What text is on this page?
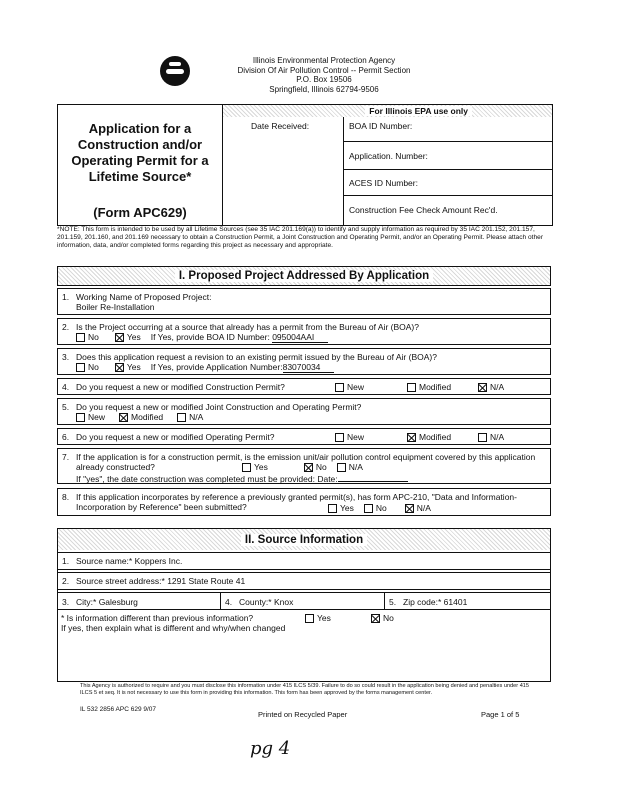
Illinois Environmental Protection Agency
Division Of Air Pollution Control -- Permit Section
P.O. Box 19506
Springfield, Illinois 62794-9506
Application for a
Construction and/or
Operating Permit for a
Lifetime Source*
(Form APC629)
For Illinois EPA use only
Date Received:	BOA ID Number:
Application. Number:
ACES ID Number:
Construction Fee Check Amount Rec'd.
*NOTE: This form is intended to be used by all Lifetime Sources (see 35 IAC 201.169(a)) to identify and supply information as required by 35 IAC 201.152, 201.157, 201.159, 201.160, and 201.169 necessary to obtain a Construction Permit, a Joint Construction and Operating Permit, and/or an Operating Permit. Please attach other information, data, and/or completed forms regarding this project as necessary and appropriate.
I. Proposed Project Addressed By Application
1. Working Name of Proposed Project:
Boiler Re-Installation
2. Is the Project occurring at a source that already has a permit from the Bureau of Air (BOA)?
No	Yes If Yes, provide BOA ID Number: 095004AAI
3. Does this application request a revision to an existing permit issued by the Bureau of Air (BOA)?
No	Yes If Yes, provide Application Number:83070034
4. Do you request a new or modified Construction Permit?	New	Modified	N/A
5. Do you request a new or modified Joint Construction and Operating Permit?
New	Modified	N/A
6. Do you request a new or modified Operating Permit?	New	Modified	N/A
7. If the application is for a construction permit, is the emission unit/air pollution control equipment covered by this application already constructed?	Yes	No	N/A
If "yes", the date construction was completed must be provided: Date:
8. If this application incorporates by reference a previously granted permit(s), has form APC-210, "Data and Information-Incorporation by Reference" been submitted?	Yes	No	N/A
II. Source Information
1. Source name:* Koppers Inc.
2. Source street address:* 1291 State Route 41
3. City:* Galesburg	4. County:* Knox	5. Zip code:* 61401
* Is information different than previous information?	Yes	No
If yes, then explain what is different and why/when changed
This Agency is authorized to require and you must disclose this information under 415 ILCS 5/39. Failure to do so could result in the application being denied and penalties under 415 ILCS 5 et seq. It is not necessary to use this form in providing this information. This form has been approved by the forms management center.
IL 532 2856 APC 629 9/07
Printed on Recycled Paper	Page 1 of 5
pg 4
